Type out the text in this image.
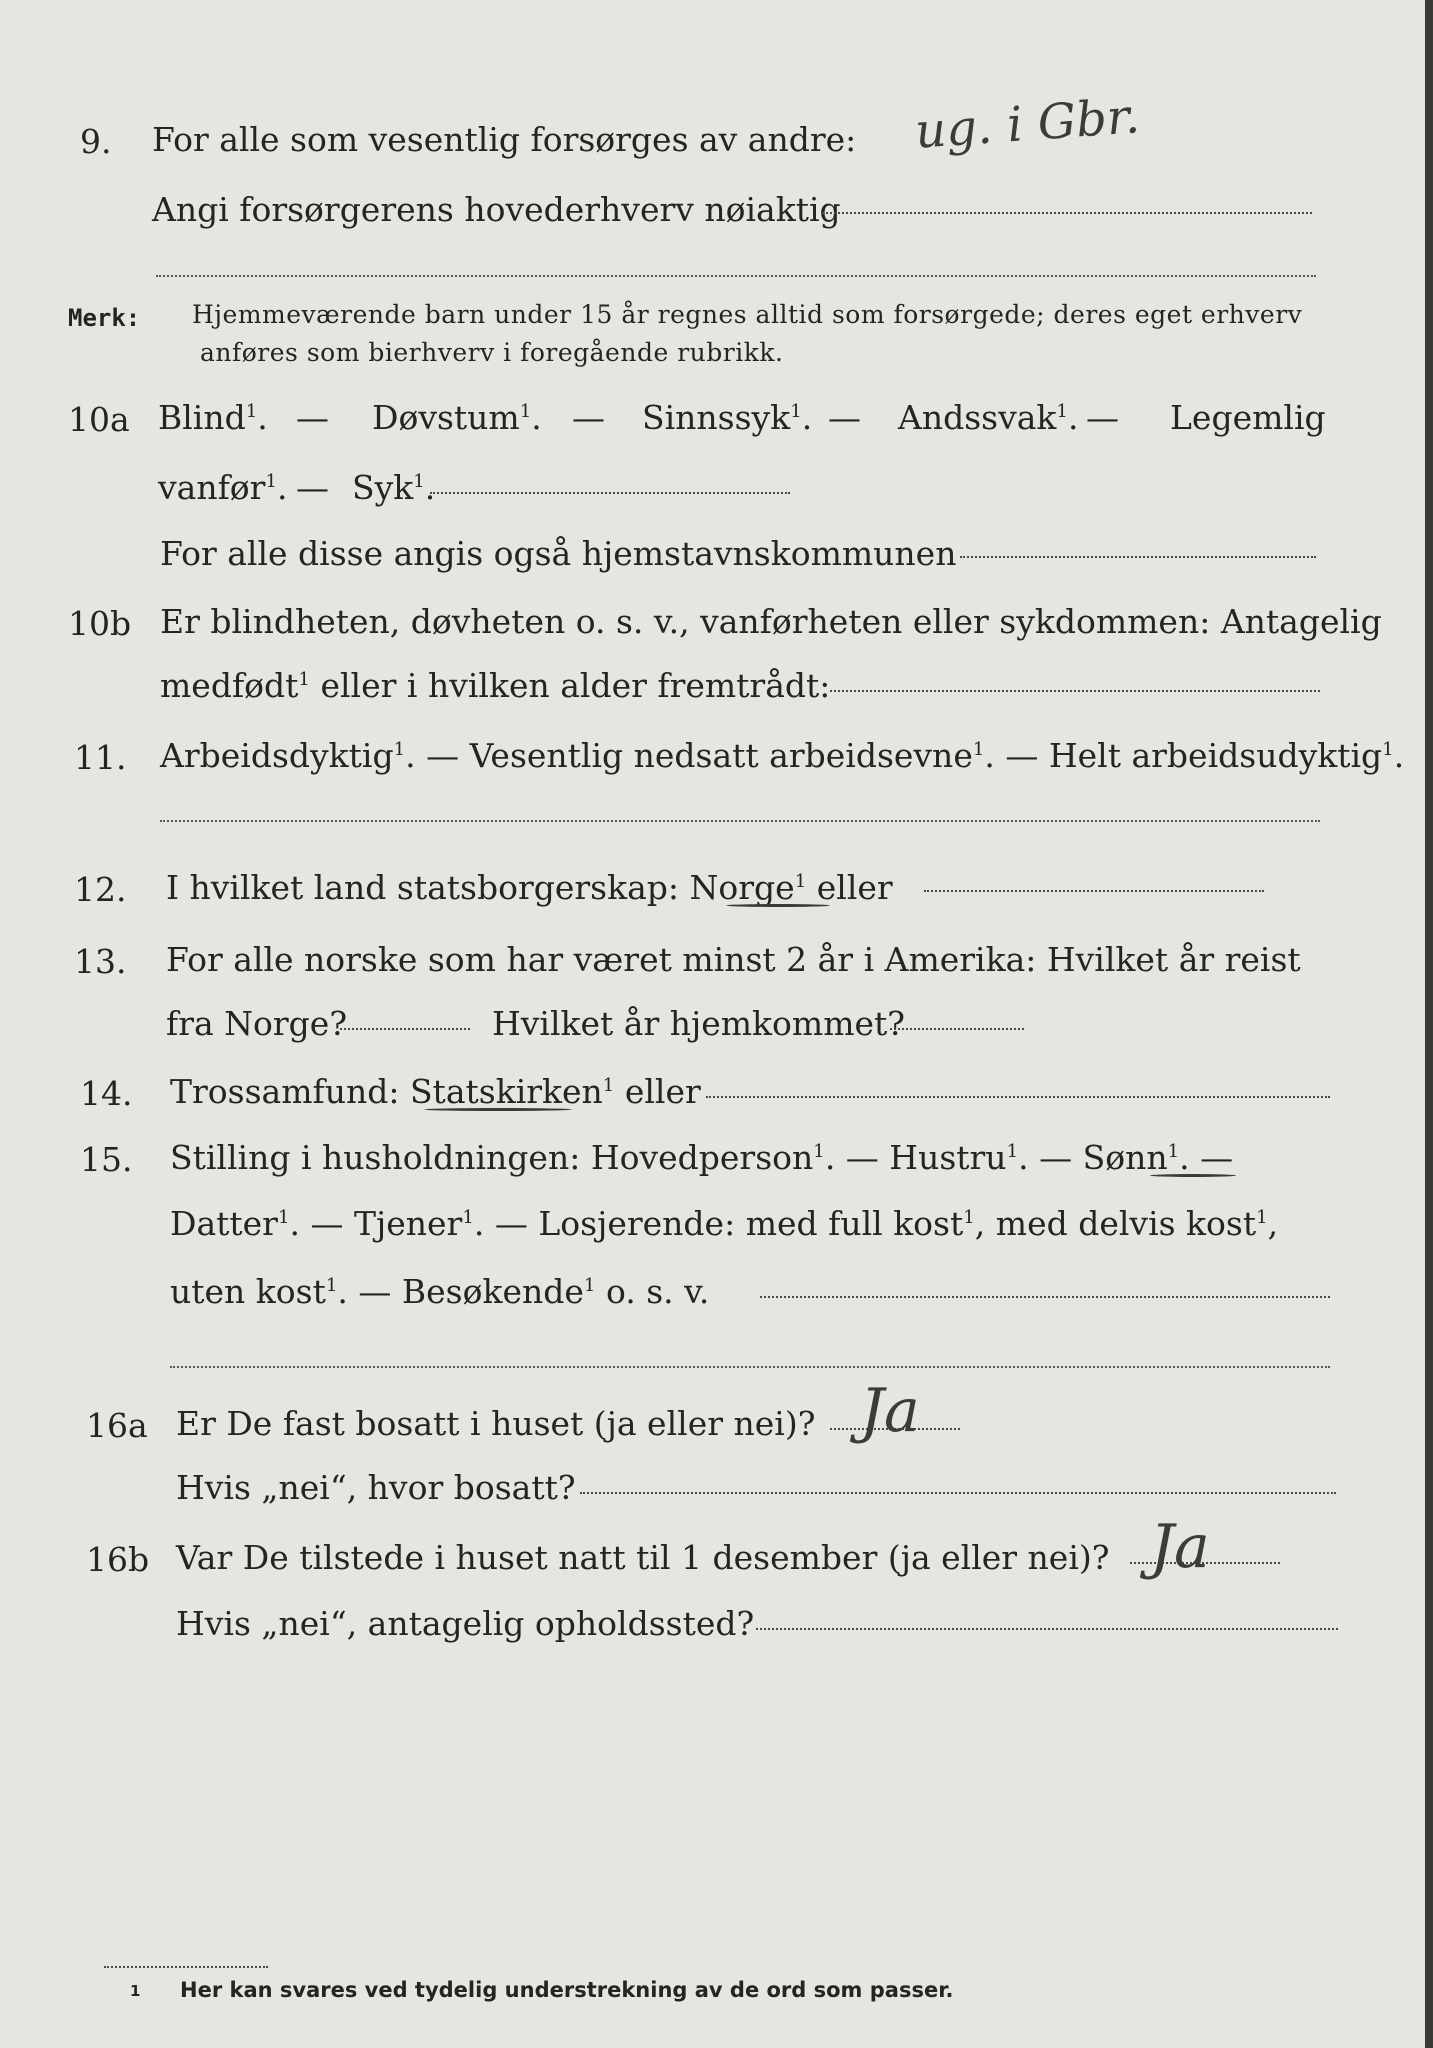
9. For alle som vesentlig forsørges av andre: ug. i Gbr.
Angi forsørgerens hovederhverv nøiaktig
Merk: Hjemmeværende barn under 15 år regnes alltid som forsørgede; deres eget erhverv
anføres som bierhverv i foregående rubrikk.
10a Blind$^1$. — Døvstum$^1$. — Sinnssyk$^1$. — Andssvak$^1$. — Legemlig
vanfør$^1$. — Syk$^1$.
For alle disse angis også hjemstavnskommunen
10b Er blindheten, døvheten o. s. v., vanførheten eller sykdommen: Antagelig
medfødt$^1$ eller i hvilken alder fremtrådt:
11. Arbeidsdyktig$^1$. — Vesentlig nedsatt arbeidsevne$^1$. — Helt arbeidsudyktig$^1$.
12. I hvilket land statsborgerskap: Norge$^1$ eller
13. For alle norske som har været minst 2 år i Amerika: Hvilket år reist
fra Norge?	Hvilket år hjemkommet?
14. Trossamfund: Statskirken$^1$ eller
15. Stilling i husholdningen: Hovedperson$^1$. — Hustru$^1$. — Sønn$^1$. —
Datter$^1$. — Tjener$^1$. — Losjerende: med full kost$^1$, med delvis kost$^1$,
uten kost$^1$. — Besøkende$^1$ o. s. v.
16a Er De fast bosatt i huset (ja eller nei)? Ja
Hvis „nei“, hvor bosatt?
16b Var De tilstede i huset natt til 1 desember (ja eller nei)? Ja
Hvis „nei“, antagelig opholdssted?
1 Her kan svares ved tydelig understrekning av de ord som passer.
